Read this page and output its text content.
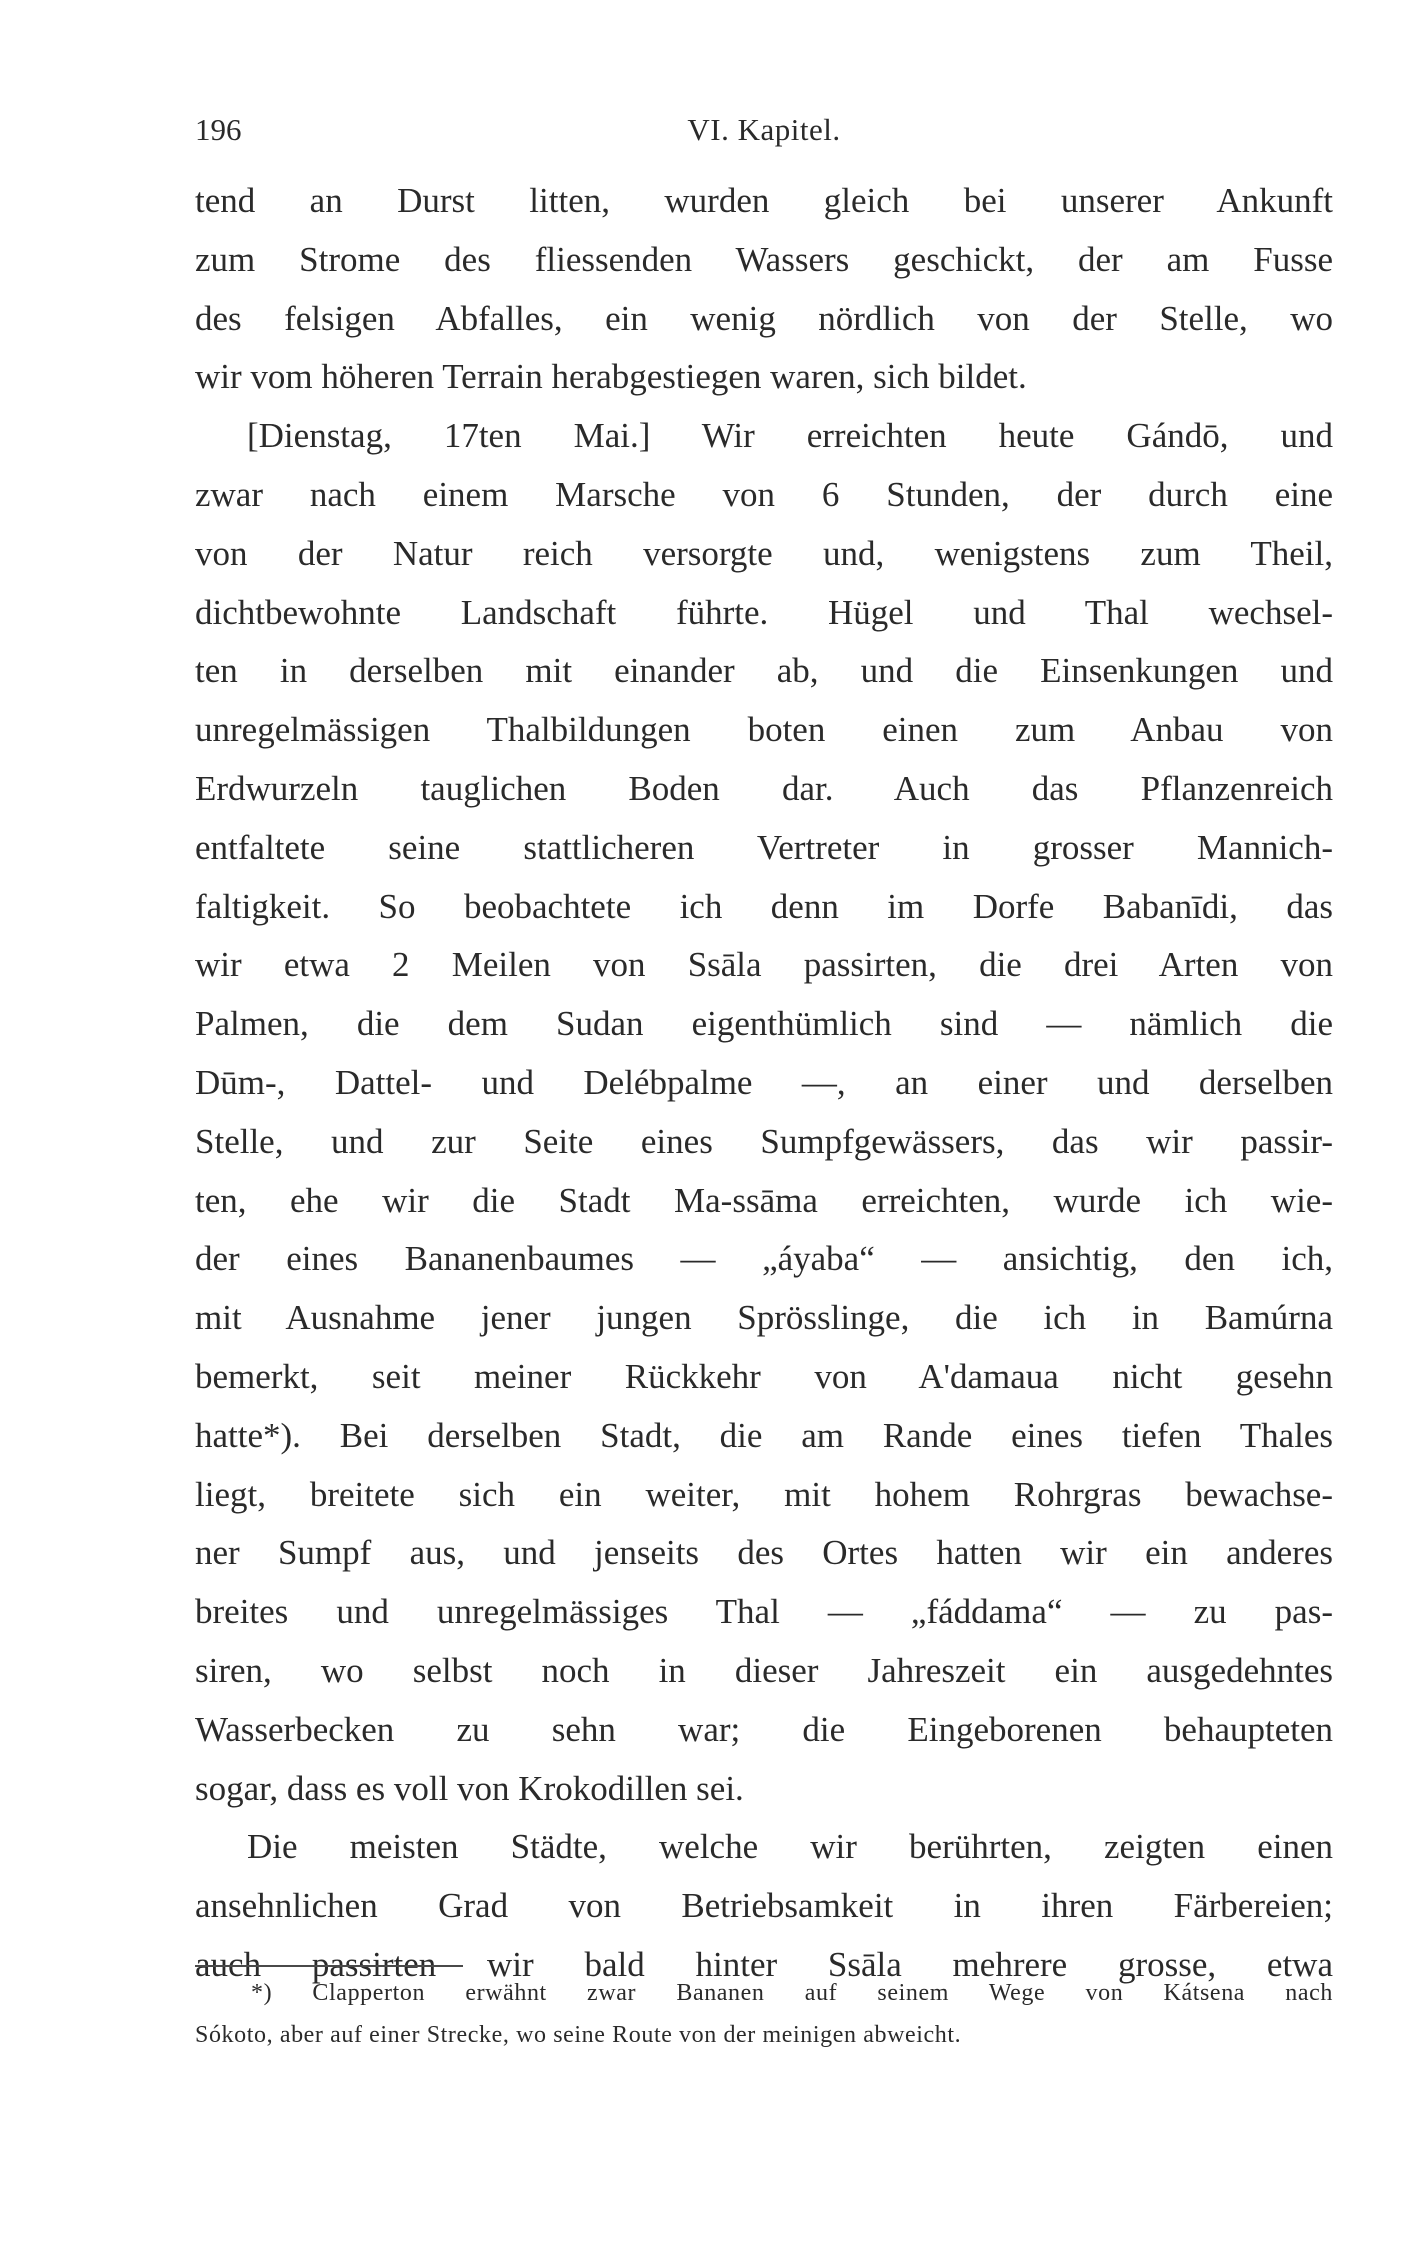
196	VI. Kapitel.
tend an Durst litten, wurden gleich bei unserer Ankunft
zum Strome des fliessenden Wassers geschickt, der am Fusse
des felsigen Abfalles, ein wenig nördlich von der Stelle, wo
wir vom höheren Terrain herabgestiegen waren, sich bildet.
[Dienstag, 17ten Mai.] Wir erreichten heute Gándō, und
zwar nach einem Marsche von 6 Stunden, der durch eine
von der Natur reich versorgte und, wenigstens zum Theil,
dichtbewohnte Landschaft führte. Hügel und Thal wechsel-
ten in derselben mit einander ab, und die Einsenkungen und
unregelmässigen Thalbildungen boten einen zum Anbau von
Erdwurzeln tauglichen Boden dar. Auch das Pflanzenreich
entfaltete seine stattlicheren Vertreter in grosser Mannich-
faltigkeit. So beobachtete ich denn im Dorfe Babanīdi, das
wir etwa 2 Meilen von Ssāla passirten, die drei Arten von
Palmen, die dem Sudan eigenthümlich sind — nämlich die
Dūm-, Dattel- und Delébpalme —, an einer und derselben
Stelle, und zur Seite eines Sumpfgewässers, das wir passir-
ten, ehe wir die Stadt Ma-ssāma erreichten, wurde ich wie-
der eines Bananenbaumes — „áyaba“ — ansichtig, den ich,
mit Ausnahme jener jungen Sprösslinge, die ich in Bamúrna
bemerkt, seit meiner Rückkehr von A'damaua nicht gesehn
hatte*). Bei derselben Stadt, die am Rande eines tiefen Thales
liegt, breitete sich ein weiter, mit hohem Rohrgras bewachse-
ner Sumpf aus, und jenseits des Ortes hatten wir ein anderes
breites und unregelmässiges Thal — „fáddama“ — zu pas-
siren, wo selbst noch in dieser Jahreszeit ein ausgedehntes
Wasserbecken zu sehn war; die Eingeborenen behaupteten
sogar, dass es voll von Krokodillen sei.
Die meisten Städte, welche wir berührten, zeigten einen
ansehnlichen Grad von Betriebsamkeit in ihren Färbereien;
auch passirten wir bald hinter Ssāla mehrere grosse, etwa
*) Clapperton erwähnt zwar Bananen auf seinem Wege von Kátsena nach
Sókoto, aber auf einer Strecke, wo seine Route von der meinigen abweicht.
